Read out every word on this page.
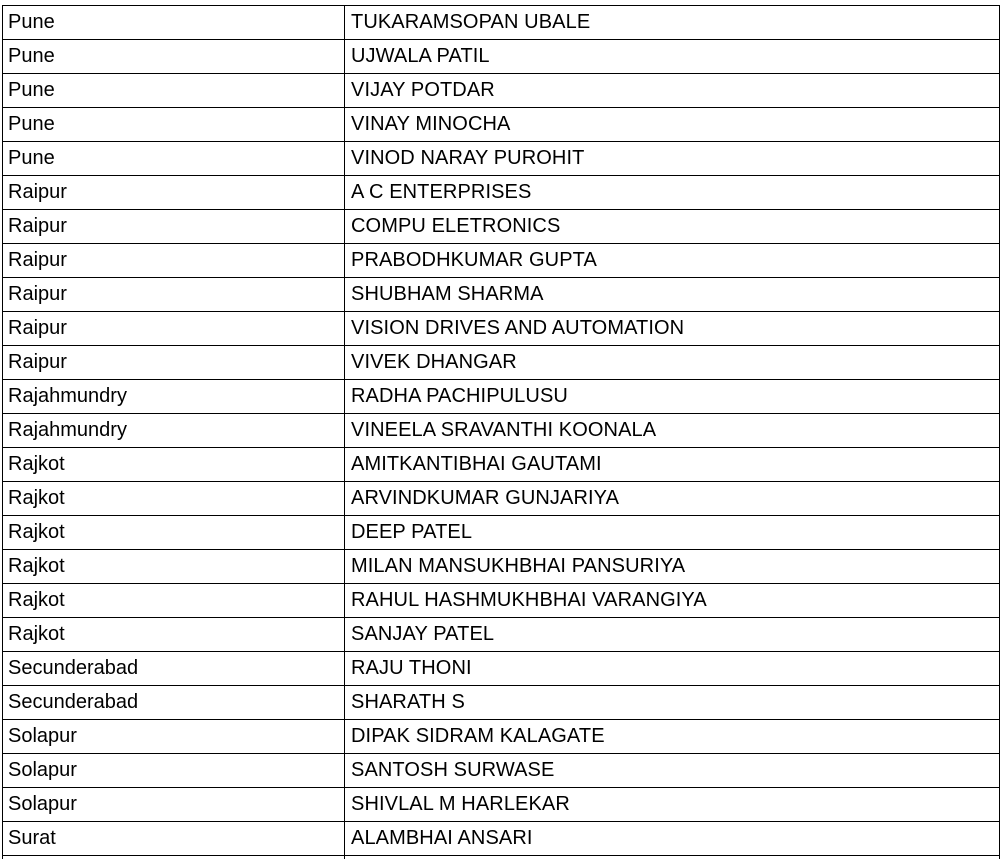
Pune	TUKARAMSOPAN UBALE
Pune	UJWALA PATIL
Pune	VIJAY POTDAR
Pune	VINAY MINOCHA
Pune	VINOD NARAY PUROHIT
Raipur	A C ENTERPRISES
Raipur	COMPU ELETRONICS
Raipur	PRABODHKUMAR GUPTA
Raipur	SHUBHAM SHARMA
Raipur	VISION DRIVES AND AUTOMATION
Raipur	VIVEK DHANGAR
Rajahmundry	RADHA PACHIPULUSU
Rajahmundry	VINEELA SRAVANTHI KOONALA
Rajkot	AMITKANTIBHAI GAUTAMI
Rajkot	ARVINDKUMAR GUNJARIYA
Rajkot	DEEP PATEL
Rajkot	MILAN MANSUKHBHAI PANSURIYA
Rajkot	RAHUL HASHMUKHBHAI VARANGIYA
Rajkot	SANJAY PATEL
Secunderabad	RAJU THONI
Secunderabad	SHARATH S
Solapur	DIPAK SIDRAM KALAGATE
Solapur	SANTOSH SURWASE
Solapur	SHIVLAL M HARLEKAR
Surat	ALAMBHAI ANSARI
